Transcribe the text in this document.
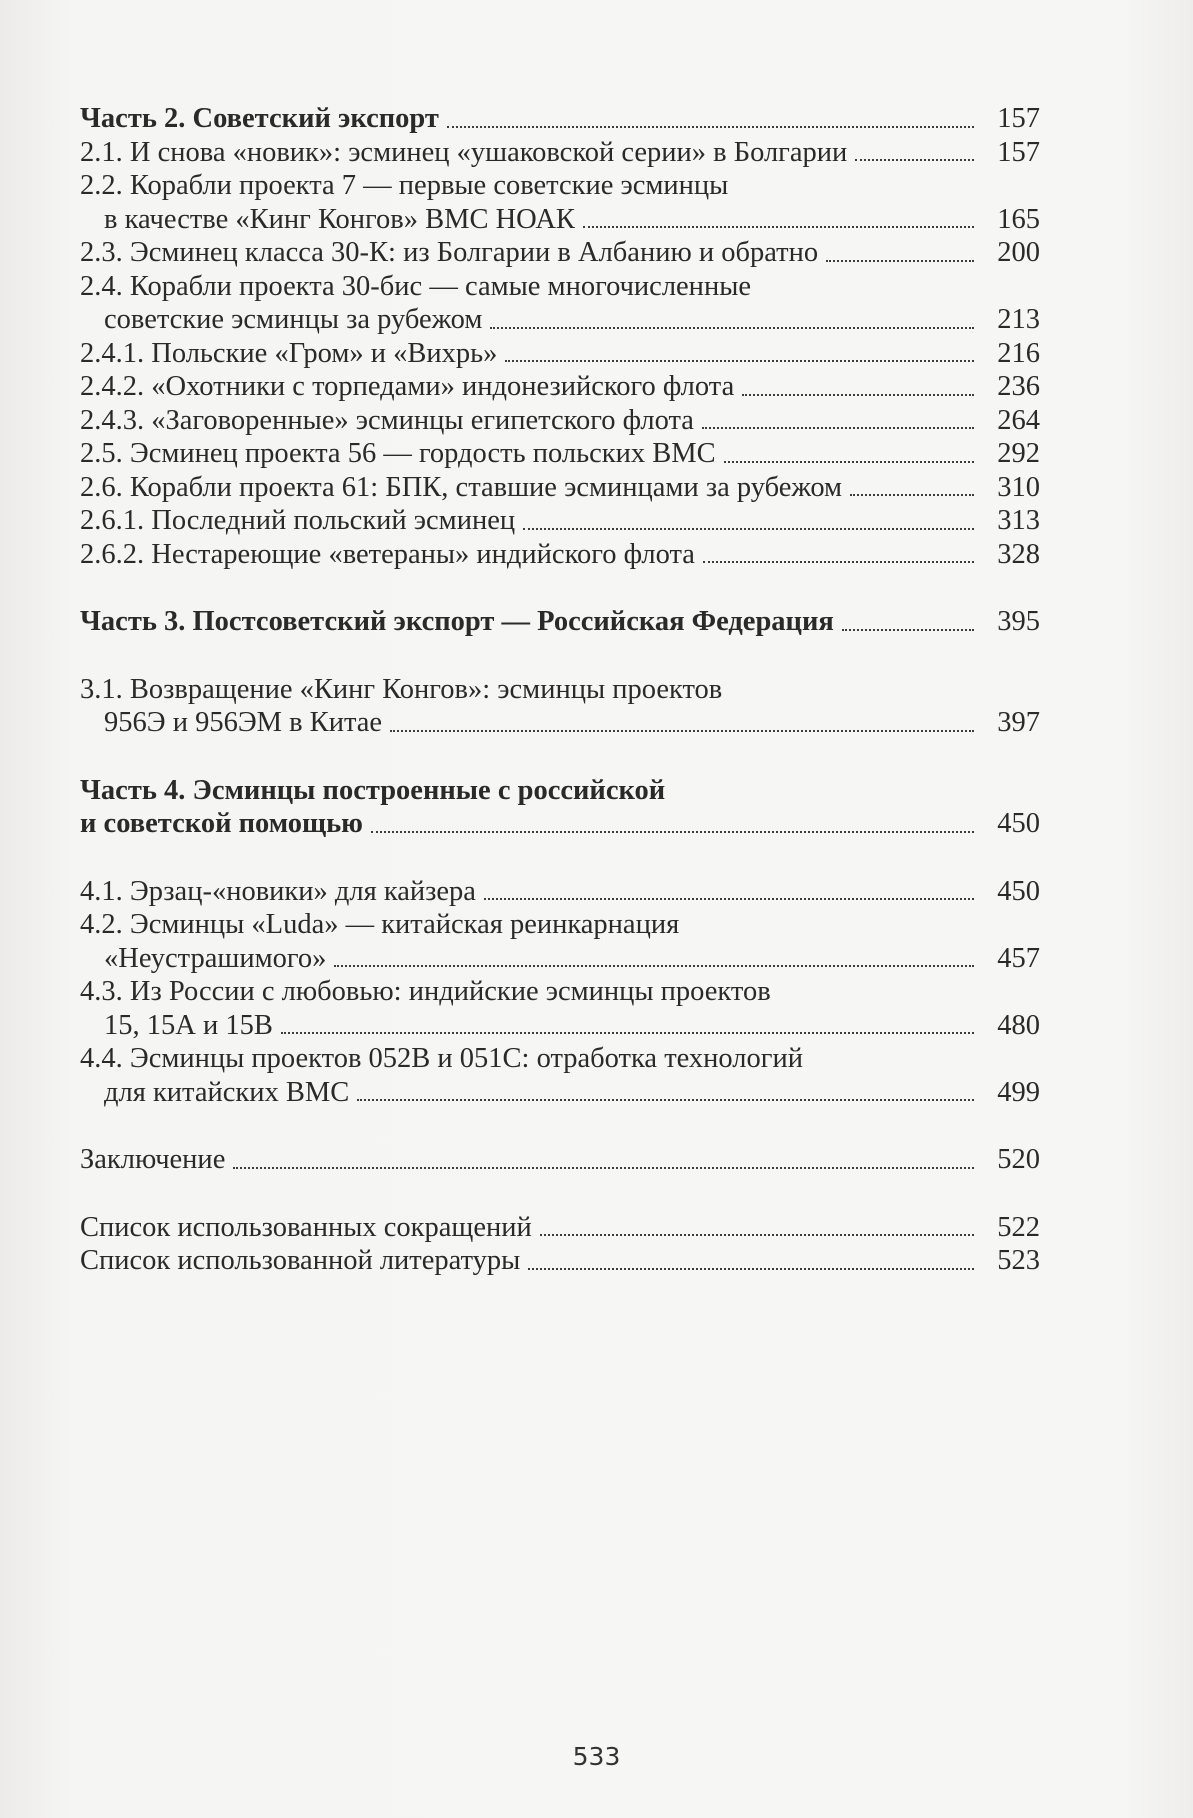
Часть 2. Советский экспорт	157
2.1. И снова «новик»: эсминец «ушаковской серии» в Болгарии	157
2.2. Корабли проекта 7 — первые советские эсминцы
в качестве «Кинг Конгов» ВМС НОАК	165
2.3. Эсминец класса 30-К: из Болгарии в Албанию и обратно	200
2.4. Корабли проекта 30-бис — самые многочисленные
советские эсминцы за рубежом	213
2.4.1. Польские «Гром» и «Вихрь»	216
2.4.2. «Охотники с торпедами» индонезийского флота	236
2.4.3. «Заговоренные» эсминцы египетского флота	264
2.5. Эсминец проекта 56 — гордость польских ВМС	292
2.6. Корабли проекта 61: БПК, ставшие эсминцами за рубежом	310
2.6.1. Последний польский эсминец	313
2.6.2. Нестареющие «ветераны» индийского флота	328
Часть 3. Постсоветский экспорт — Российская Федерация	395
3.1. Возвращение «Кинг Конгов»: эсминцы проектов
956Э и 956ЭМ в Китае	397
Часть 4. Эсминцы построенные с российской
и советской помощью	450
4.1. Эрзац-«новики» для кайзера	450
4.2. Эсминцы «Luda» — китайская реинкарнация
«Неустрашимого»	457
4.3. Из России с любовью: индийские эсминцы проектов
15, 15А и 15В	480
4.4. Эсминцы проектов 052В и 051С: отработка технологий
для китайских ВМС	499
Заключение	520
Список использованных сокращений	522
Список использованной литературы	523
533
